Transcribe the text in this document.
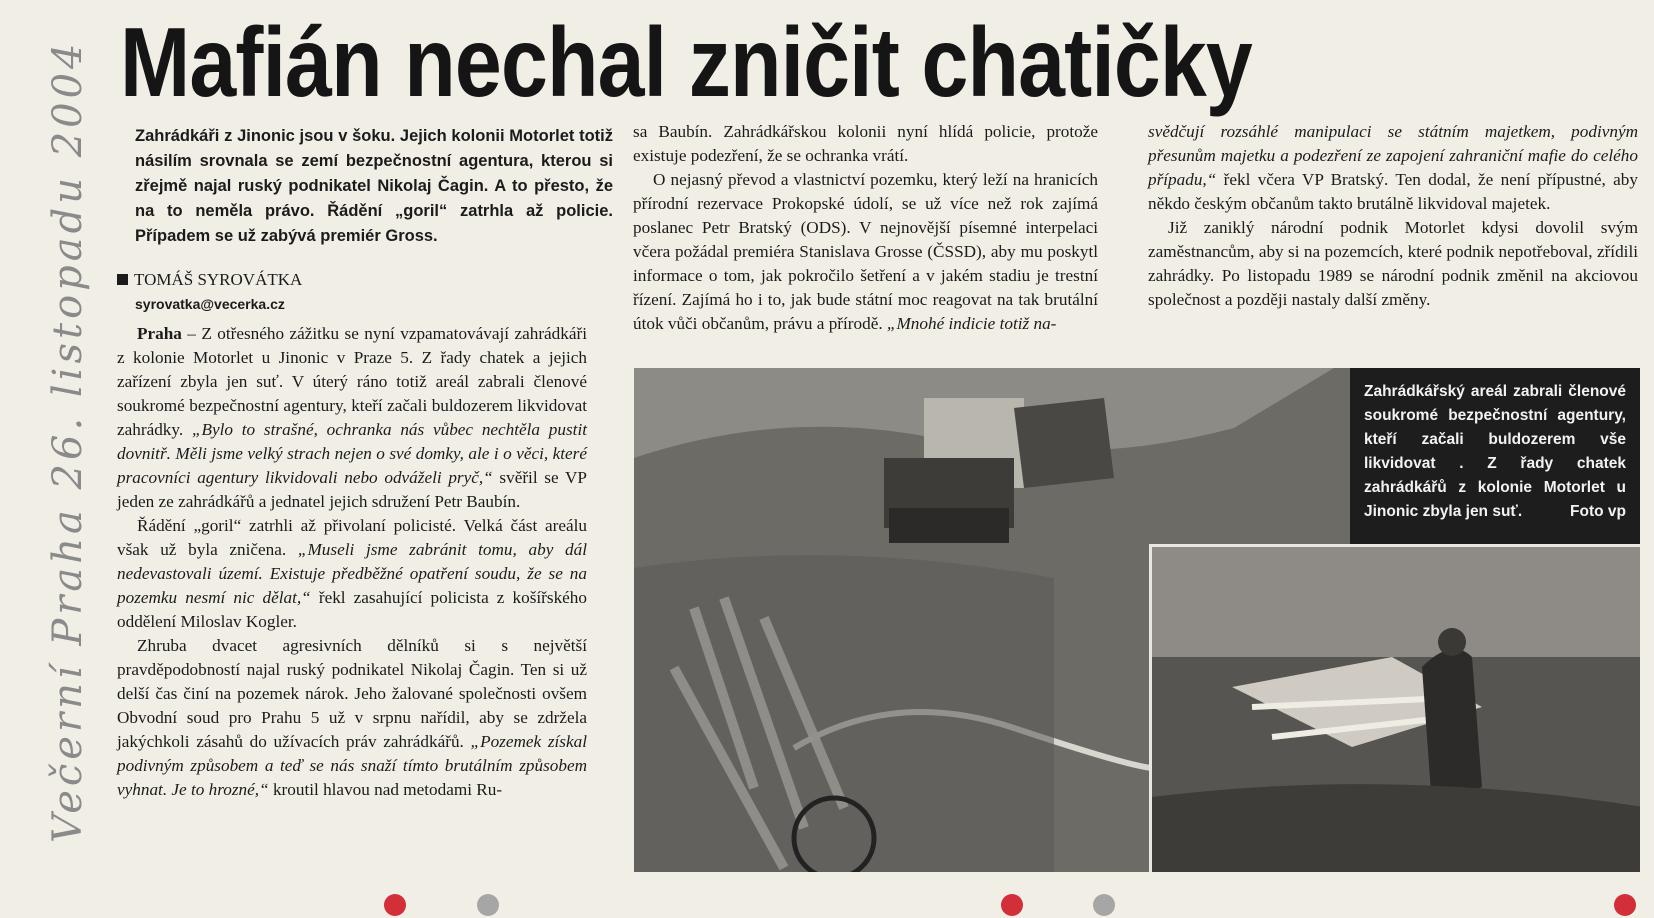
Mafián nechal zničit chatičky
Večerní Praha 26. listopadu 2004	Zahrádkáři z Jinonic jsou v šoku. Jejich kolonii Motorlet totiž násilím srovnala se zemí bezpečnostní agentura, kterou si zřejmě najal ruský podnikatel Nikolaj Čagin. A to přesto, že na to neměla právo. Řádění „goril“ zatrhla až policie. Případem se už zabývá premiér Gross.

TOMÁŠ SYROVÁTKA
syrovatka@vecerka.cz

Praha – Z otřesného zážitku se nyní vzpamatovávají zahrádkáři z kolonie Motorlet u Jinonic v Praze 5. Z řady chatek a jejich zařízení zbyla jen suť. V úterý ráno totiž areál zabrali členové soukromé bezpečnostní agentury, kteří začali buldozerem likvidovat zahrádky. „Bylo to strašné, ochranka nás vůbec nechtěla pustit dovnitř. Měli jsme velký strach nejen o své domky, ale i o věci, které pracovníci agentury likvidovali nebo odváželi pryč,“ svěřil se VP jeden ze zahrádkářů a jednatel jejich sdružení Petr Baubín.

Řádění „goril“ zatrhli až přivolaní policisté. Velká část areálu však už byla zničena. „Museli jsme zabránit tomu, aby dál nedevastovali území. Existuje předběžné opatření soudu, že se na pozemku nesmí nic dělat,“ řekl zasahující policista z košířského oddělení Miloslav Kogler.

Zhruba dvacet agresivních dělníků si s největší pravděpodobností najal ruský podnikatel Nikolaj Čagin. Ten si už delší čas činí na pozemek nárok. Jeho žalované společnosti ovšem Obvodní soud pro Prahu 5 už v srpnu nařídil, aby se zdržela jakýchkoli zásahů do užívacích práv zahrádkářů. „Pozemek získal podivným způsobem a teď se nás snaží tímto brutálním způsobem vyhnat. Je to hrozné,“ kroutil hlavou nad metodami Ru-

sa Baubín. Zahrádkářskou kolonii nyní hlídá policie, protože existuje podezření, že se ochranka vrátí.

O nejasný převod a vlastnictví pozemku, který leží na hranicích přírodní rezervace Prokopské údolí, se už více než rok zajímá poslanec Petr Bratský (ODS). V nejnovější písemné interpelaci včera požádal premiéra Stanislava Grosse (ČSSD), aby mu poskytl informace o tom, jak pokročilo šetření a v jakém stadiu je trestní řízení. Zajímá ho i to, jak bude státní moc reagovat na tak brutální útok vůči občanům, právu a přírodě. „Mnohé indicie totiž na-

svědčují rozsáhlé manipulaci se státním majetkem, podivným přesunům majetku a podezření ze zapojení zahraniční mafie do celého případu,“ řekl včera VP Bratský. Ten dodal, že není přípustné, aby někdo českým občanům takto brutálně likvidoval majetek.

Již zaniklý národní podnik Motorlet kdysi dovolil svým zaměstnancům, aby si na pozemcích, které podnik nepotřeboval, zřídili zahrádky. Po listopadu 1989 se národní podnik změnil na akciovou společnost a později nastaly další změny.

Zahrádkářský areál zabrali členové soukromé bezpečnostní agentury, kteří začali buldozerem vše likvidovat . Z řady chatek zahrádkářů z kolonie Motorlet u Jinonic zbyla jen suť.	Foto vp
